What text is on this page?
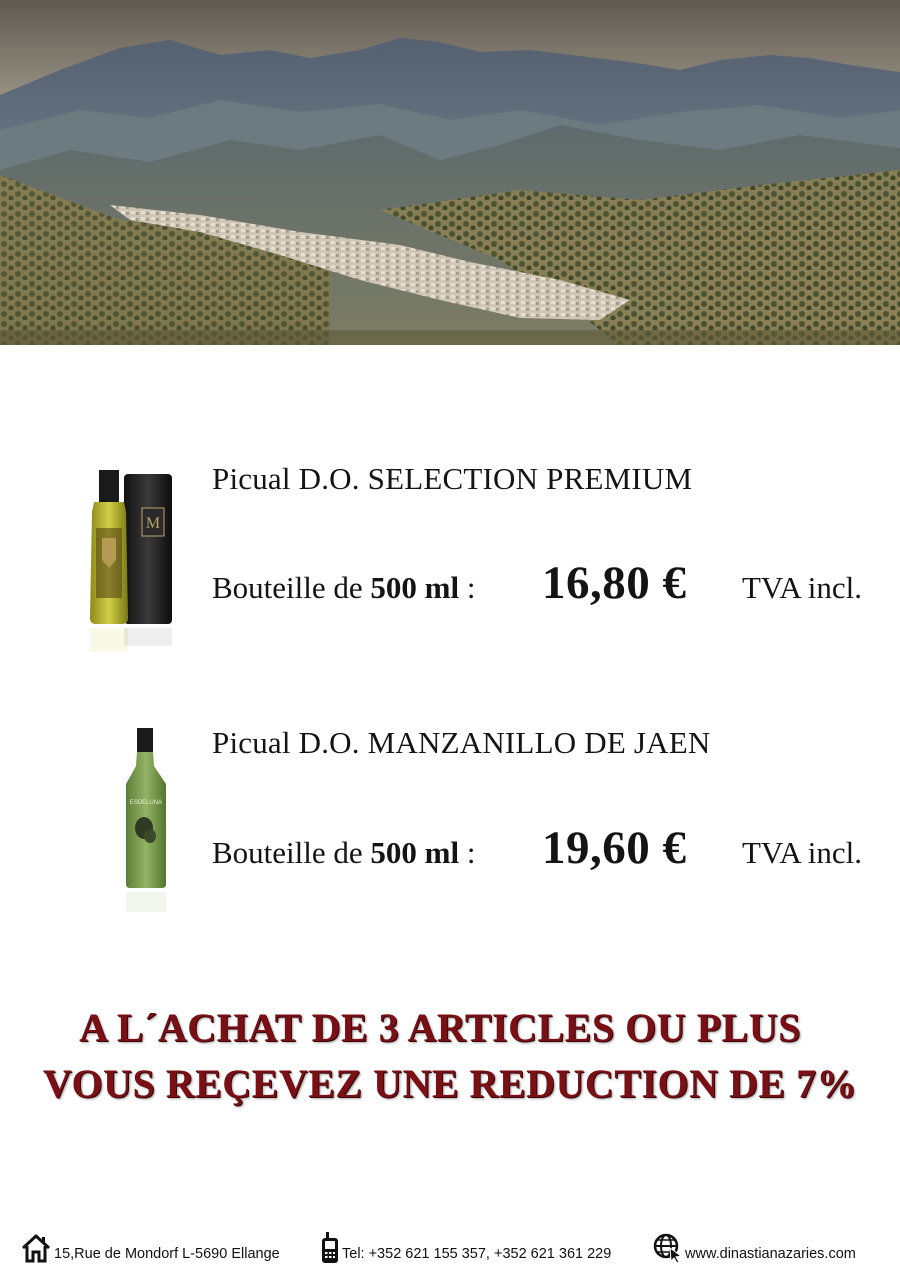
M
Picual D.O. SELECTION PREMIUM
Bouteille de 500 ml : 16,80 € TVA incl.
ESDELUNA
Picual D.O. MANZANILLO DE JAEN
Bouteille de 500 ml : 19,60 € TVA incl.
A L´ACHAT DE 3 ARTICLES OU PLUS
VOUS REÇEVEZ UNE REDUCTION DE 7%
15,Rue de Mondorf L-5690 Ellange	Tel: +352 621 155 357, +352 621 361 229	www.dinastianazaries.com
